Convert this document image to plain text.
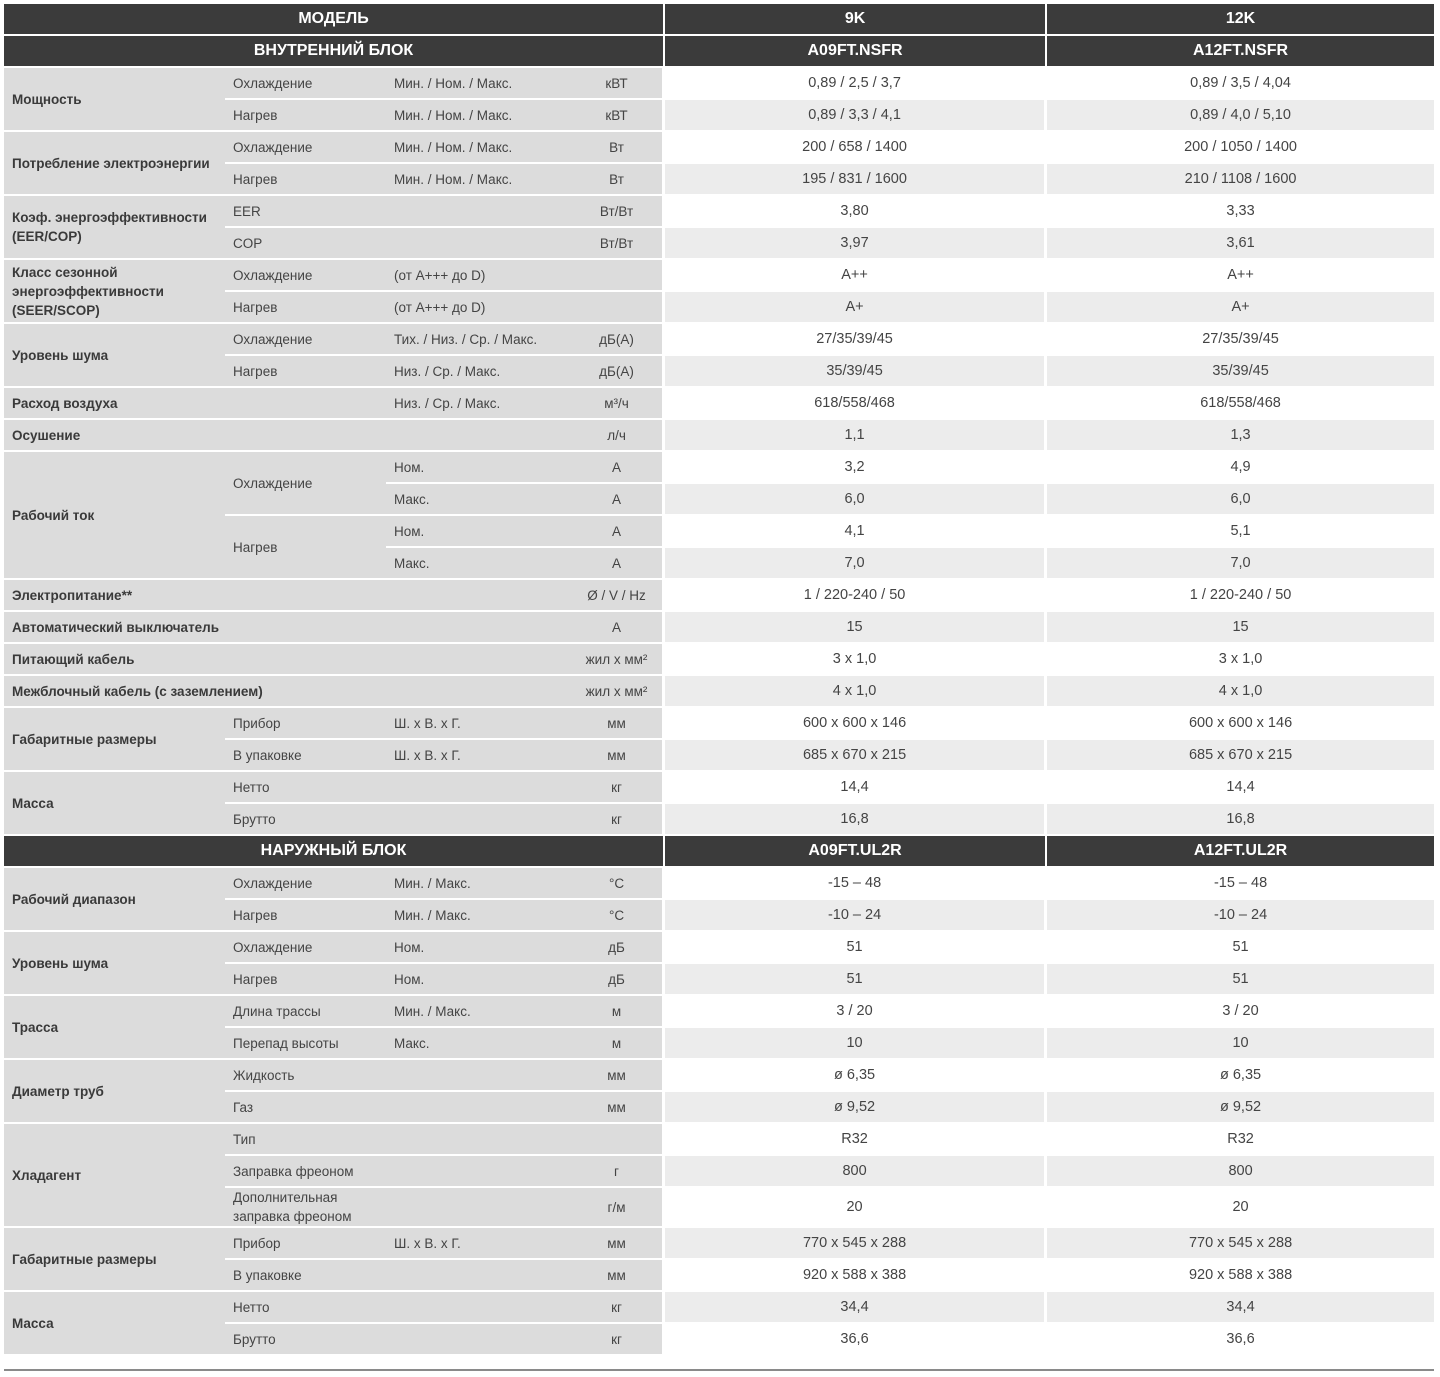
МОДЕЛЬ				9K	12K
ВНУТРЕННИЙ БЛОК				A09FT.NSFR	A12FT.NSFR
Мощность	Охлаждение	Мин. / Ном. / Макс.	кВТ	0,89 / 2,5 / 3,7	0,89 / 3,5 / 4,04
	Нагрев	Мин. / Ном. / Макс.	кВТ	0,89 / 3,3 / 4,1	0,89 / 4,0 / 5,10
Потребление электроэнергии	Охлаждение	Мин. / Ном. / Макс.	Вт	200 / 658 / 1400	200 / 1050 / 1400
	Нагрев	Мин. / Ном. / Макс.	Вт	195 / 831 / 1600	210 / 1108 / 1600
Коэф. энергоэффективности (EER/COP)	EER		Вт/Вт	3,80	3,33
	COP		Вт/Вт	3,97	3,61
Класс сезонной энергоэффективности (SEER/SCOP)	Охлаждение	(от A+++ до D)		A++	A++
	Нагрев	(от A+++ до D)		A+	A+
Уровень шума	Охлаждение	Тих. / Низ. / Ср. / Макс.	дБ(А)	27/35/39/45	27/35/39/45
	Нагрев	Низ. / Ср. / Макс.	дБ(А)	35/39/45	35/39/45
Расход воздуха		Низ. / Ср. / Макс.	м³/ч	618/558/468	618/558/468
Осушение			л/ч	1,1	1,3
Рабочий ток	Охлаждение	Ном.	А	3,2	4,9
		Макс.	А	6,0	6,0
	Нагрев	Ном.	А	4,1	5,1
		Макс.	А	7,0	7,0
Электропитание**			Ø / V / Hz	1 / 220-240 / 50	1 / 220-240 / 50
Автоматический выключатель			А	15	15
Питающий кабель			жил x мм²	3 x 1,0	3 x 1,0
Межблочный кабель (с заземлением)			жил x мм²	4 x 1,0	4 x 1,0
Габаритные размеры	Прибор	Ш. x В. x Г.	мм	600 x 600 x 146	600 x 600 x 146
	В упаковке	Ш. x В. x Г.	мм	685 x 670 x 215	685 x 670 x 215
Масса	Нетто		кг	14,4	14,4
	Брутто		кг	16,8	16,8
НАРУЖНЫЙ БЛОК				A09FT.UL2R	A12FT.UL2R
Рабочий диапазон	Охлаждение	Мин. / Макс.	°C	-15 – 48	-15 – 48
	Нагрев	Мин. / Макс.	°C	-10 – 24	-10 – 24
Уровень шума	Охлаждение	Ном.	дБ	51	51
	Нагрев	Ном.	дБ	51	51
Трасса	Длина трассы	Мин. / Макс.	м	3 / 20	3 / 20
	Перепад высоты	Макс.	м	10	10
Диаметр труб	Жидкость		мм	ø 6,35	ø 6,35
	Газ		мм	ø 9,52	ø 9,52
Хладагент	Тип			R32	R32
	Заправка фреоном		г	800	800
	Дополнительная заправка фреоном		г/м	20	20
Габаритные размеры	Прибор	Ш. x В. x Г.	мм	770 x 545 x 288	770 x 545 x 288
	В упаковке		мм	920 x 588 x 388	920 x 588 x 388
Масса	Нетто		кг	34,4	34,4
	Брутто		кг	36,6	36,6
